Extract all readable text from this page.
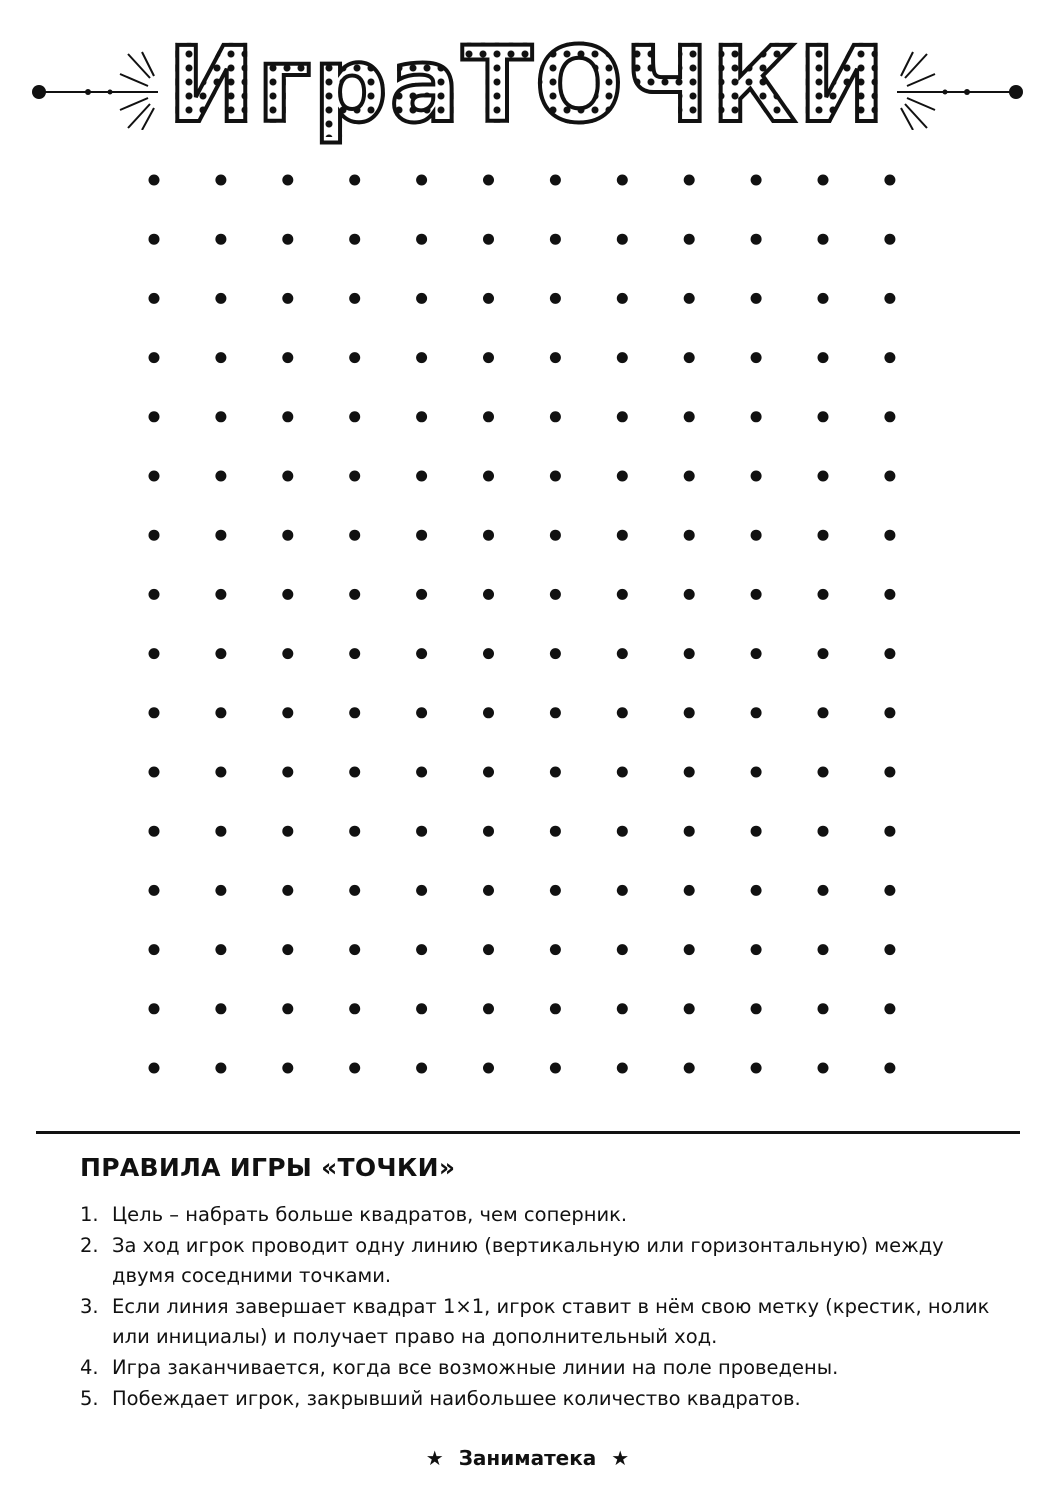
Игра ТОЧКИ
ПРАВИЛА ИГРЫ «ТОЧКИ»
1. Цель – набрать больше квадратов, чем соперник.
2. За ход игрок проводит одну линию (вертикальную или горизонтальную) между двумя соседними точками.
3. Если линия завершает квадрат 1×1, игрок ставит в нём свою метку (крестик, нолик или инициалы) и получает право на дополнительный ход.
4. Игра заканчивается, когда все возможные линии на поле проведены.
5. Побеждает игрок, закрывший наибольшее количество квадратов.
★ Заниматека ★
